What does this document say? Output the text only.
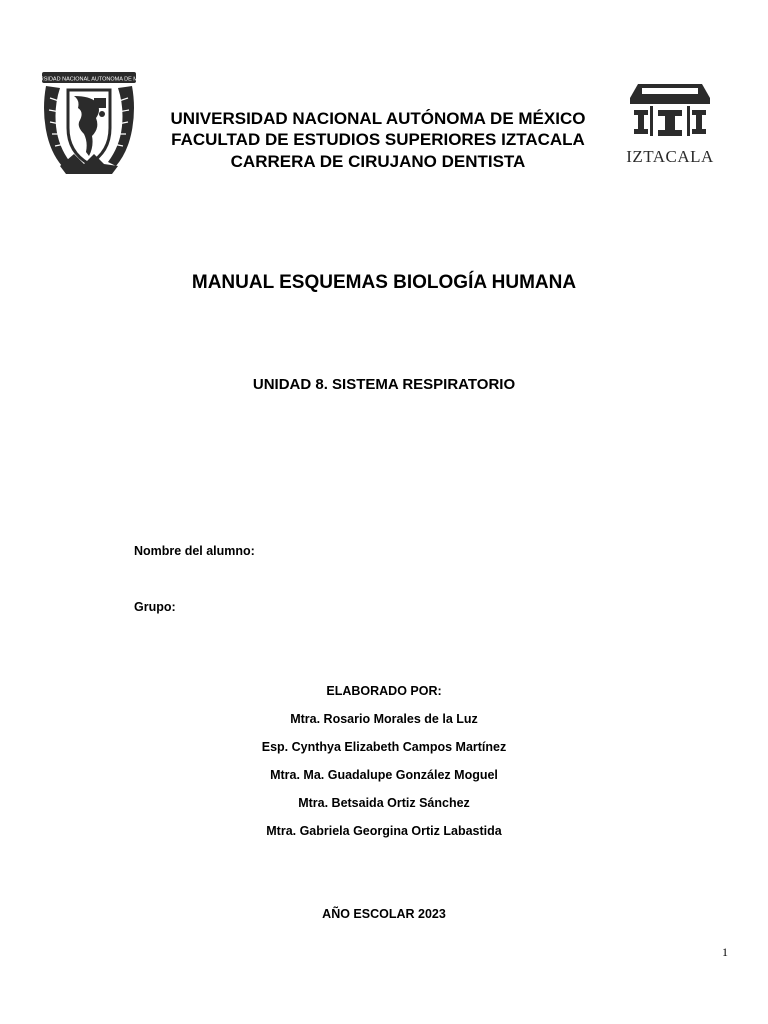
UNIVERSIDAD NACIONAL AUTONOMA DE MEXICO
UNIVERSIDAD NACIONAL AUTÓNOMA DE MÉXICO
FACULTAD DE ESTUDIOS SUPERIORES IZTACALA
CARRERA DE CIRUJANO DENTISTA	IZTACALA
MANUAL ESQUEMAS BIOLOGÍA HUMANA
UNIDAD 8. SISTEMA RESPIRATORIO
Nombre del alumno:
Grupo:
ELABORADO POR:
Mtra. Rosario Morales de la Luz
Esp. Cynthya Elizabeth Campos Martínez
Mtra. Ma. Guadalupe González Moguel
Mtra. Betsaida Ortiz Sánchez
Mtra. Gabriela Georgina Ortiz Labastida
AÑO ESCOLAR 2023
1
